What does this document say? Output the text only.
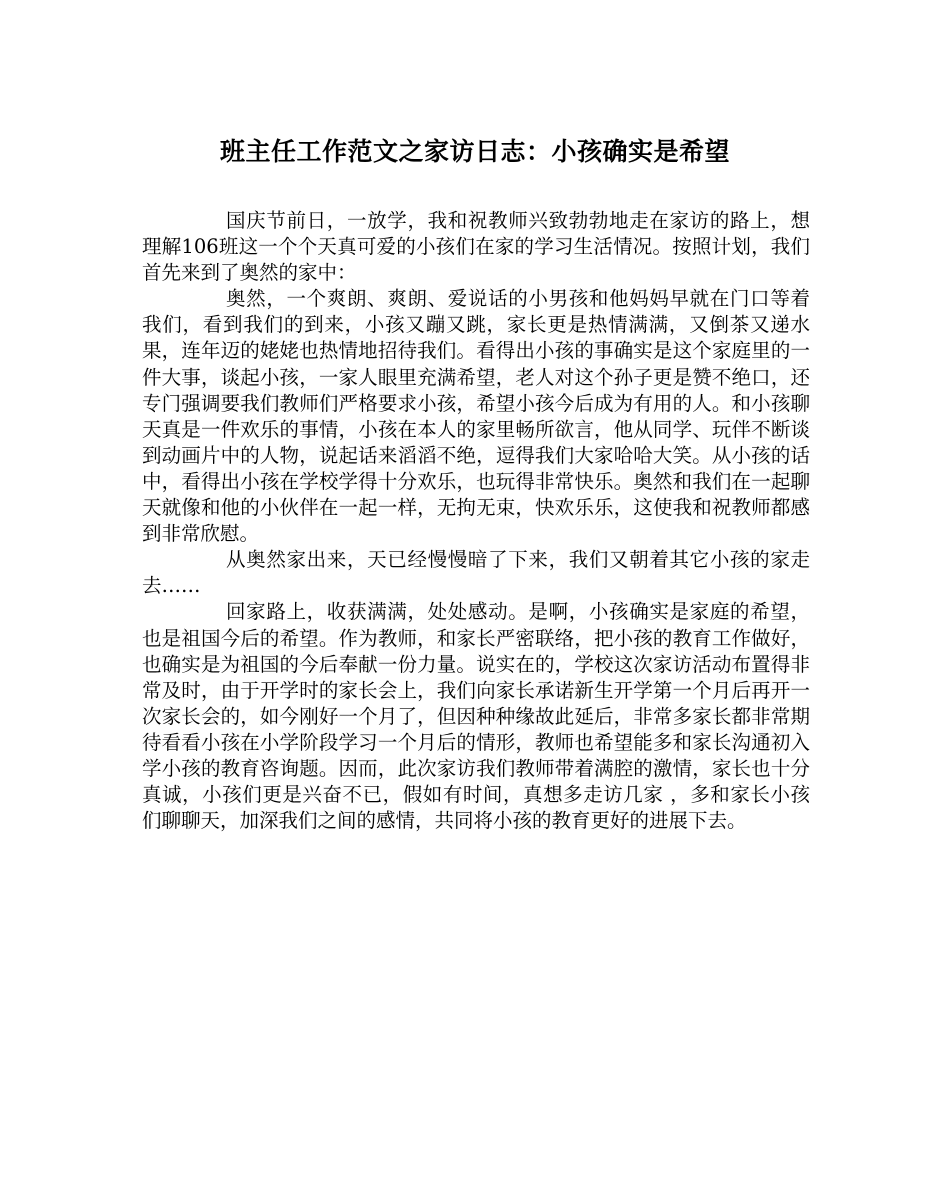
班主任工作范文之家访日志：小孩确实是希望

国庆节前日，一放学，我和祝教师兴致勃勃地走在家访的路上，想理解106班这一个个天真可爱的小孩们在家的学习生活情况。按照计划，我们首先来到了奥然的家中：

奥然，一个爽朗、爽朗、爱说话的小男孩和他妈妈早就在门口等着我们，看到我们的到来，小孩又蹦又跳，家长更是热情满满，又倒茶又递水果，连年迈的姥姥也热情地招待我们。看得出小孩的事确实是这个家庭里的一件大事，谈起小孩，一家人眼里充满希望，老人对这个孙子更是赞不绝口，还专门强调要我们教师们严格要求小孩，希望小孩今后成为有用的人。和小孩聊天真是一件欢乐的事情，小孩在本人的家里畅所欲言，他从同学、玩伴不断谈到动画片中的人物，说起话来滔滔不绝，逗得我们大家哈哈大笑。从小孩的话中，看得出小孩在学校学得十分欢乐，也玩得非常快乐。奥然和我们在一起聊天就像和他的小伙伴在一起一样，无拘无束，快欢乐乐，这使我和祝教师都感到非常欣慰。

从奥然家出来，天已经慢慢暗了下来，我们又朝着其它小孩的家走去……

回家路上，收获满满，处处感动。是啊，小孩确实是家庭的希望，也是祖国今后的希望。作为教师，和家长严密联络，把小孩的教育工作做好，也确实是为祖国的今后奉献一份力量。说实在的，学校这次家访活动布置得非常及时，由于开学时的家长会上，我们向家长承诺新生开学第一个月后再开一次家长会的，如今刚好一个月了，但因种种缘故此延后，非常多家长都非常期待看看小孩在小学阶段学习一个月后的情形，教师也希望能多和家长沟通初入学小孩的教育咨询题。因而，此次家访我们教师带着满腔的激情，家长也十分真诚，小孩们更是兴奋不已，假如有时间，真想多走访几家 ，多和家长小孩们聊聊天，加深我们之间的感情，共同将小孩的教育更好的进展下去。
